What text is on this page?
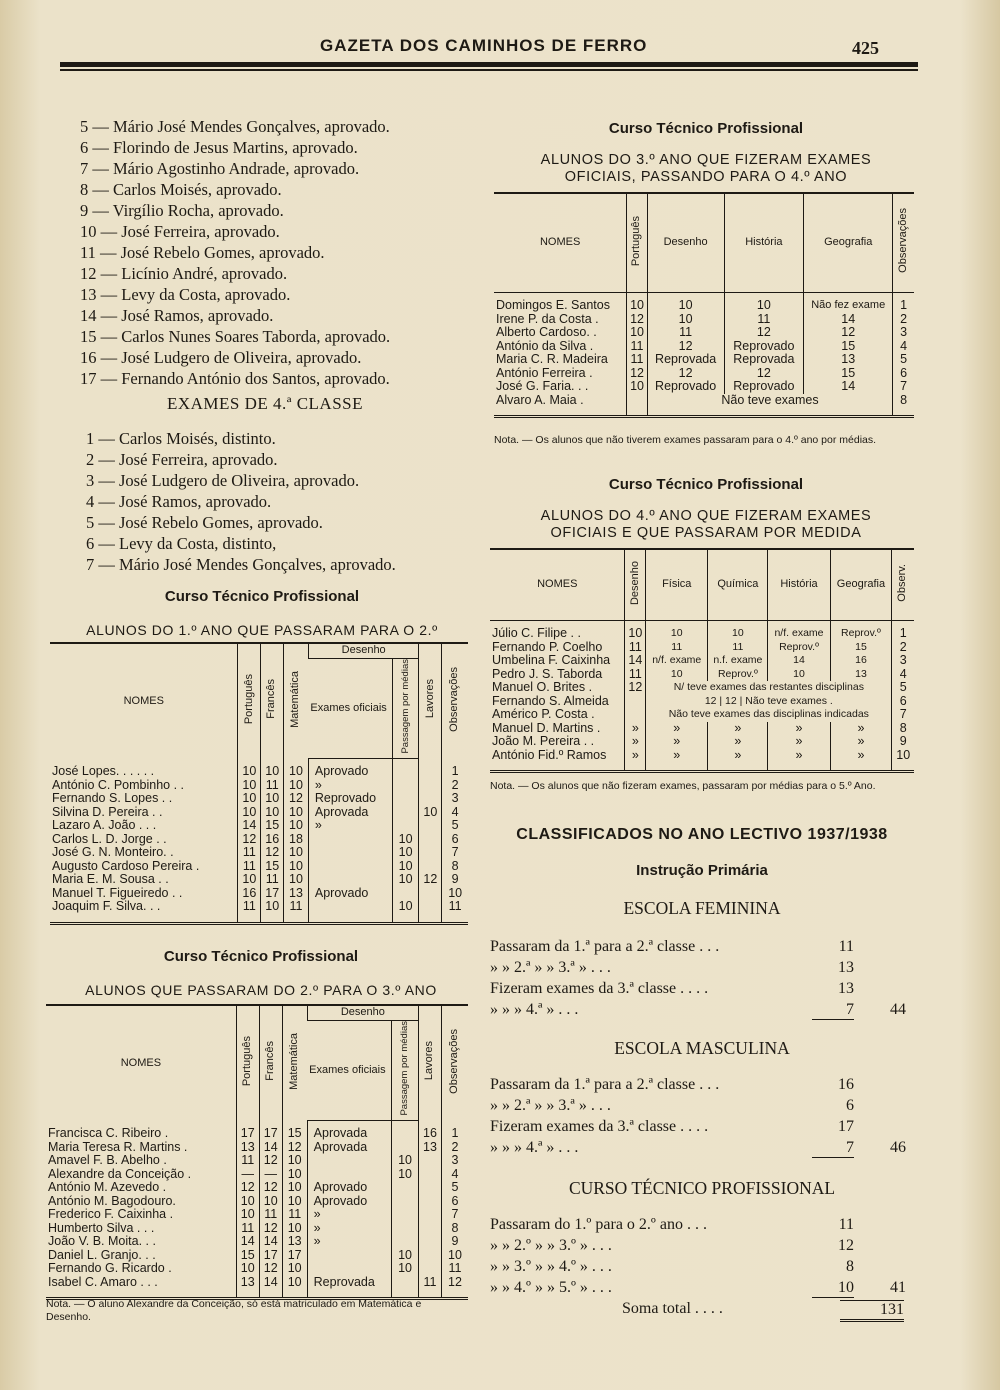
GAZETA DOS CAMINHOS DE FERRO	425
5 — Mário José Mendes Gonçalves, aprovado.
6 — Florindo de Jesus Martins, aprovado.
7 — Mário Agostinho Andrade, aprovado.
8 — Carlos Moisés, aprovado.
9 — Virgílio Rocha, aprovado.
10 — José Ferreira, aprovado.
11 — José Rebelo Gomes, aprovado.
12 — Licínio André, aprovado.
13 — Levy da Costa, aprovado.
14 — José Ramos, aprovado.
15 — Carlos Nunes Soares Taborda, aprovado.
16 — José Ludgero de Oliveira, aprovado.
17 — Fernando António dos Santos, aprovado.
EXAMES DE 4.ª CLASSE
1 — Carlos Moisés, distinto.
2 — José Ferreira, aprovado.
3 — José Ludgero de Oliveira, aprovado.
4 — José Ramos, aprovado.
5 — José Rebelo Gomes, aprovado.
6 — Levy da Costa, distinto,
7 — Mário José Mendes Gonçalves, aprovado.
Curso Técnico Profissional
ALUNOS DO 1.º ANO QUE PASSARAM PARA O 2.º
NOMES	Português	Francês	Matemática	Desenho		Lavores	Observações
				Exames oficiais	Passagem por médias		
José Lopes. . . . . .	10	10	10	Aprovado			1
António C. Pombinho . .	10	11	10	»			2
Fernando S. Lopes . .	10	10	12	Reprovado			3
Silvina D. Pereira . .	10	10	10	Aprovada		10	4
Lazaro A. João . . .	14	15	10	»			5
Carlos L. D. Jorge . .	12	16	18		10		6
José G. N. Monteiro. .	11	12	10		10		7
Augusto Cardoso Pereira .	11	15	10		10		8
Maria E. M. Sousa . .	10	11	10		10	12	9
Manuel T. Figueiredo . .	16	17	13	Aprovado			10
Joaquim F. Silva. . .	11	10	11		10		11
Curso Técnico Profissional
ALUNOS QUE PASSARAM DO 2.º PARA O 3.º ANO
NOMES	Português	Francês	Matemática	Desenho		Lavores	Observações
				Exames oficiais	Passagem por médias		
Francisca C. Ribeiro .	17	17	15	Aprovada		16	1
Maria Teresa R. Martins .	13	14	12	Aprovada		13	2
Amavel F. B. Abelho .	11	12	10		10		3
Alexandre da Conceição .	—	—	10		10		4
António M. Azevedo .	12	12	10	Aprovado			5
António M. Bagodouro.	10	10	10	Aprovado			6
Frederico F. Caixinha .	10	11	11	»			7
Humberto Silva . . .	11	12	10	»			8
João V. B. Moita. . .	14	14	13	»			9
Daniel L. Granjo. . .	15	17	17		10		10
Fernando G. Ricardo .	10	12	10		10		11
Isabel C. Amaro . . .	13	14	10	Reprovada		11	12
Nota. — O aluno Alexandre da Conceição, só está matriculado em Matemática e Desenho.
Curso Técnico Profissional
ALUNOS DO 3.º ANO QUE FIZERAM EXAMES OFICIAIS, PASSANDO PARA O 4.º ANO
NOMES	Português	Desenho	História	Geografia	Observações
Domingos E. Santos	10	10	10	Não fez exame	1
Irene P. da Costa .	12	10	11	14	2
Alberto Cardoso. .	10	11	12	12	3
António da Silva .	11	12	Reprovado	15	4
Maria C. R. Madeira	11	Reprovada	Reprovada	13	5
António Ferreira .	12	12	12	15	6
José G. Faria. . .	10	Reprovado	Reprovado	14	7
Alvaro A. Maia .		Não teve exames			8
Nota. — Os alunos que não tiverem exames passaram para o 4.º ano por médias.
Curso Técnico Profissional
ALUNOS DO 4.º ANO QUE FIZERAM EXAMES OFICIAIS E QUE PASSARAM POR MEDIDA
NOMES	Desenho	Física	Química	História	Geografia	Observ.
Júlio C. Filipe . .	10	10	10	n/f. exame	Reprov.º	1
Fernando P. Coelho	11	11	11	Reprov.º	15	2
Umbelina F. Caixinha	14	n/f. exame	n.f. exame	14	16	3
Pedro J. S. Taborda	11	10	Reprov.º	10	13	4
Manuel O. Brites .	12	N/ teve exames das restantes disciplinas				5
Fernando S. Almeida		12 | 12 | Não teve exames .				6
Américo P. Costa .		Não teve exames das disciplinas indicadas				7
Manuel D. Martins .	»	»	»	»	»	8
João M. Pereira . .	»	»	»	»	»	9
António Fid.º Ramos	»	»	»	»	»	10
Nota. — Os alunos que não fizeram exames, passaram por médias para o 5.º Ano.
CLASSIFICADOS NO ANO LECTIVO 1937/1938
Instrução Primária
ESCOLA FEMININA
Passaram da 1.ª para a 2.ª classe . . .	11
» » 2.ª » » 3.ª » . . .	13
Fizeram exames da 3.ª classe . . . .	13
» » » 4.ª » . . .	7	44
ESCOLA MASCULINA
Passaram da 1.ª para a 2.ª classe . . .	16
» » 2.ª » » 3.ª » . . .	6
Fizeram exames da 3.ª classe . . . .	17
» » » 4.ª » . . .	7	46
CURSO TÉCNICO PROFISSIONAL
Passaram do 1.º para o 2.º ano . . .	11
» » 2.º » » 3.º » . . .	12
» » 3.º » » 4.º » . . .	8
» » 4.º » » 5.º » . . .	10	41
Soma total . . . .	131
